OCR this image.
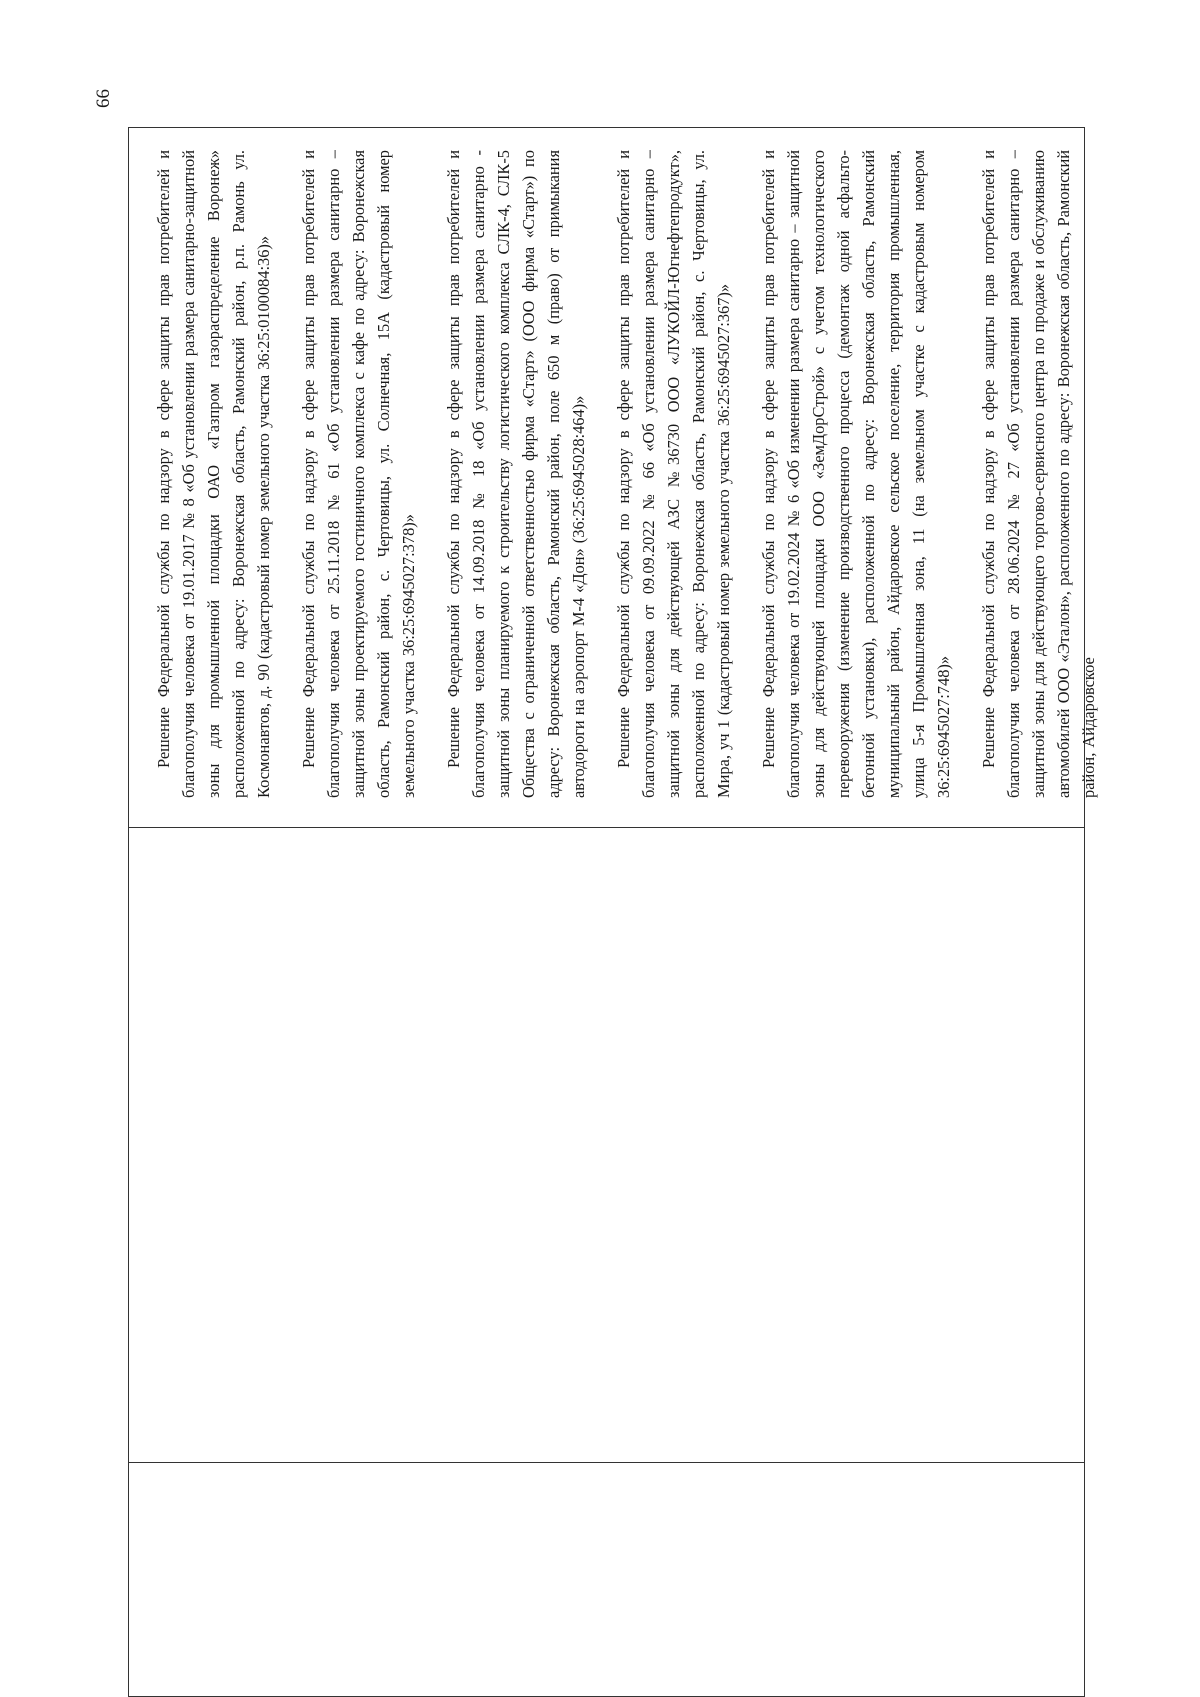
66

Решение Федеральной службы по надзору в сфере защиты прав потребителей и благополучия человека от 19.01.2017 № 8 «Об установлении размера санитарно-защитной зоны для промышленной площадки ОАО «Газпром газораспределение Воронеж» расположенной по адресу: Воронежская область, Рамонский район, р.п. Рамонь ул. Космонавтов, д. 90 (кадастровый номер земельного участка 36:25:0100084:36)» Решение Федеральной службы по надзору в сфере защиты прав потребителей и благополучия человека от 25.11.2018 № 61 «Об установлении размера санитарно – защитной зоны проектируемого гостиничного комплекса с кафе по адресу: Воронежская область, Рамонский район, с. Чертовицы, ул. Солнечная, 15А (кадастровый номер земельного участка 36:25:6945027:378)» Решение Федеральной службы по надзору в сфере защиты прав потребителей и благополучия человека от 14.09.2018 № 18 «Об установлении размера санитарно - защитной зоны планируемого к строительству логистического комплекса СЛК-4, СЛК-5 Общества с ограниченной ответственностью фирма «Старт» (ООО фирма «Старт») по адресу: Воронежская область, Рамонский район, поле 650 м (право) от примыкания автодороги на аэропорт М-4 «Дон» (36:25:6945028:464)» Решение Федеральной службы по надзору в сфере защиты прав потребителей и благополучия человека от 09.09.2022 № 66 «Об установлении размера санитарно – защитной зоны для действующей АЗС №36730 ООО «ЛУКОЙЛ-Югнефтепродукт», расположенной по адресу: Воронежская область, Рамонский район, с. Чертовицы, ул. Мира, уч 1 (кадастровый номер земельного участка 36:25:6945027:367)» Решение Федеральной службы по надзору в сфере защиты прав потребителей и благополучия человека от 19.02.2024 № 6 «Об изменении размера санитарно – защитной зоны для действующей площадки ООО «ЗемДорСтрой» с учетом технологического перевооружения (изменение производственного процесса (демонтаж одной асфальто-бетонной установки), расположенной по адресу: Воронежская область, Рамонский муниципальный район, Айдаровское сельское поселение, территория промышленная, улица 5-я Промышленная зона, 11 (на земельном участке с кадастровым номером 36:25:6945027:748)» Решение Федеральной службы по надзору в сфере защиты прав потребителей и благополучия человека от 28.06.2024 № 27 «Об установлении размера санитарно – защитной зоны для действующего торгово-сервисного центра по продаже и обслуживанию автомобилей ООО «Эталон», расположенного по адресу: Воронежская область, Рамонский район, Айдаровское
